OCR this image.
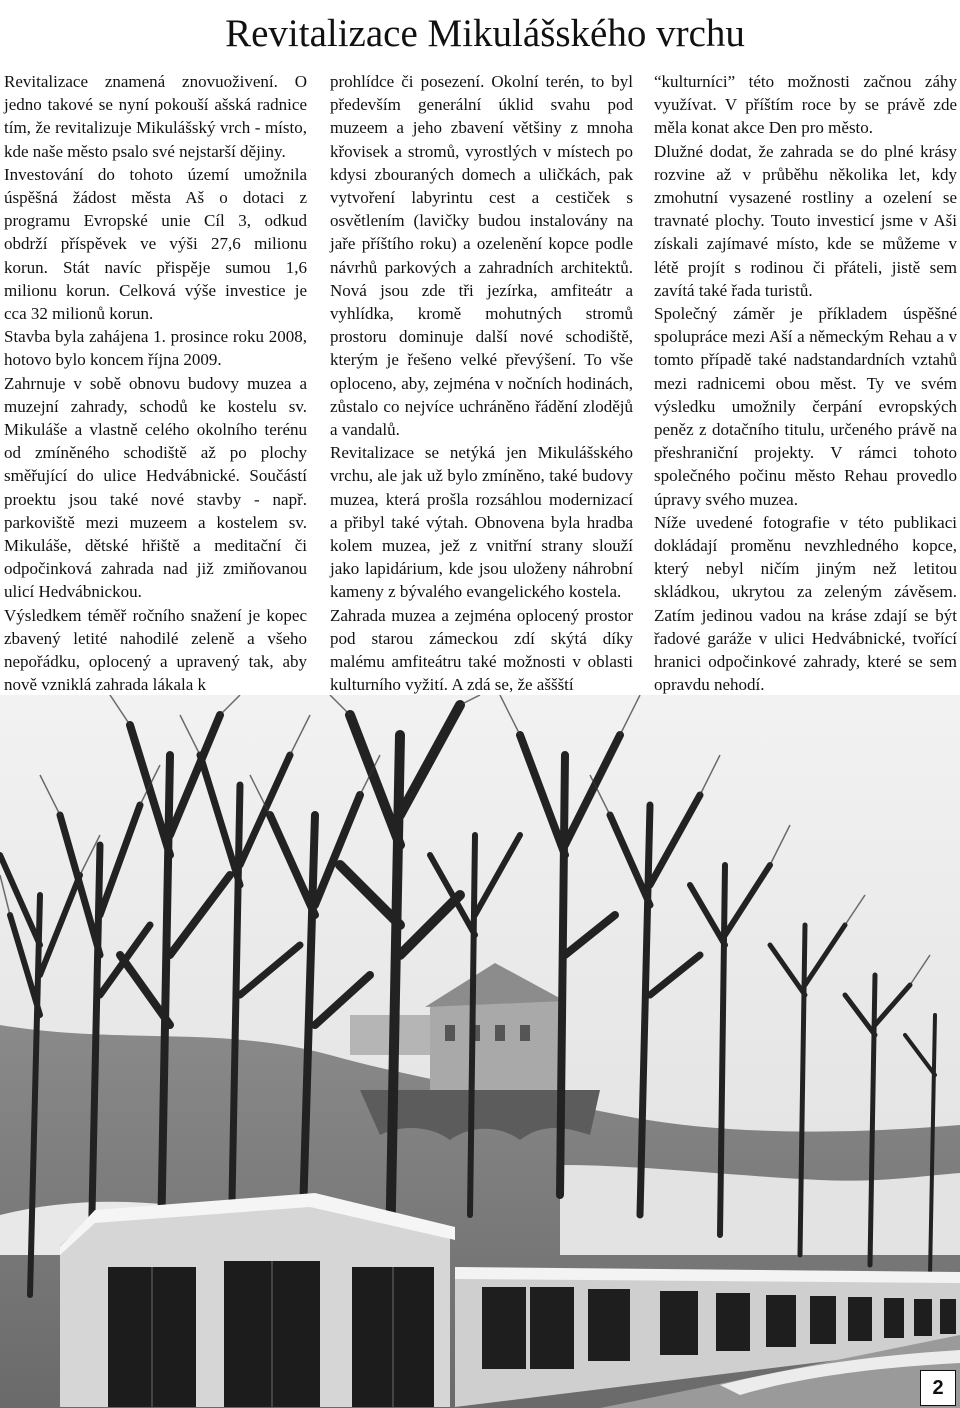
Revitalizace Mikulášského vrchu

Revitalizace znamená znovuoživení. O jedno takové se nyní pokouší ašská radnice tím, že revitalizuje Mikulášský vrch - místo, kde naše město psalo své nejstarší dějiny.

Investování do tohoto území umožnila úspěšná žádost města Aš o dotaci z programu Evropské unie Cíl 3, odkud obdrží příspěvek ve výši 27,6 milionu korun. Stát navíc přispěje sumou 1,6 milionu korun. Celková výše investice je cca 32 milionů korun.

Stavba byla zahájena 1. prosince roku 2008, hotovo bylo koncem října 2009.

Zahrnuje v sobě obnovu budovy muzea a muzejní zahrady, schodů ke kostelu sv. Mikuláše a vlastně celého okolního terénu od zmíněného schodiště až po plochy směřující do ulice Hedvábnické. Součástí proektu jsou také nové stavby - např. parkoviště mezi muzeem a kostelem sv. Mikuláše, dětské hřiště a meditační či odpočinková zahrada nad již zmiňovanou ulicí Hedvábnickou.

Výsledkem téměř ročního snažení je kopec zbavený letité nahodilé zeleně a všeho nepořádku, oplocený a upravený tak, aby nově vzniklá zahrada lákala k

prohlídce či posezení. Okolní terén, to byl především generální úklid svahu pod muzeem a jeho zbavení většiny z mnoha křovisek a stromů, vyrostlých v místech po kdysi zbouraných domech a uličkách, pak vytvoření labyrintu cest a cestiček s osvětlením (lavičky budou instalovány na jaře příštího roku) a ozelenění kopce podle návrhů parkových a zahradních architektů. Nová jsou zde tři jezírka, amfiteátr a vyhlídka, kromě mohutných stromů prostoru dominuje další nové schodiště, kterým je řešeno velké převýšení. To vše oploceno, aby, zejména v nočních hodinách, zůstalo co nejvíce uchráněno řádění zlodějů a vandalů.

Revitalizace se netýká jen Mikulášského vrchu, ale jak už bylo zmíněno, také budovy muzea, která prošla rozsáhlou modernizací a přibyl také výtah. Obnovena byla hradba kolem muzea, jež z vnitřní strany slouží jako lapidárium, kde jsou uloženy náhrobní kameny z bývalého evangelického kostela.

Zahrada muzea a zejména oplocený prostor pod starou zámeckou zdí skýtá díky malému amfiteátru také možnosti v oblasti kulturního vyžití. A zdá se, že aššští

“kulturníci” této možnosti začnou záhy využívat. V příštím roce by se právě zde měla konat akce Den pro město.

Dlužné dodat, že zahrada se do plné krásy rozvine až v průběhu několika let, kdy zmohutní vysazené rostliny a ozelení se travnaté plochy. Touto investicí jsme v Aši získali zajímavé místo, kde se můžeme v létě projít s rodinou či přáteli, jistě sem zavítá také řada turistů.

Společný záměr je příkladem úspěšné spolupráce mezi Aší a německým Rehau a v tomto případě také nadstandardních vztahů mezi radnicemi obou měst. Ty ve svém výsledku umožnily čerpání evropských peněz z dotačního titulu, určeného právě na přeshraniční projekty. V rámci tohoto společného počinu město Rehau provedlo úpravy svého muzea.

Níže uvedené fotografie v této publikaci dokládají proměnu nevzhledného kopce, který nebyl ničím jiným než letitou skládkou, ukrytou za zeleným závěsem. Zatím jedinou vadou na kráse zdají se být řadové garáže v ulici Hedvábnické, tvořící hranici odpočinkové zahrady, které se sem opravdu nehodí.

2
